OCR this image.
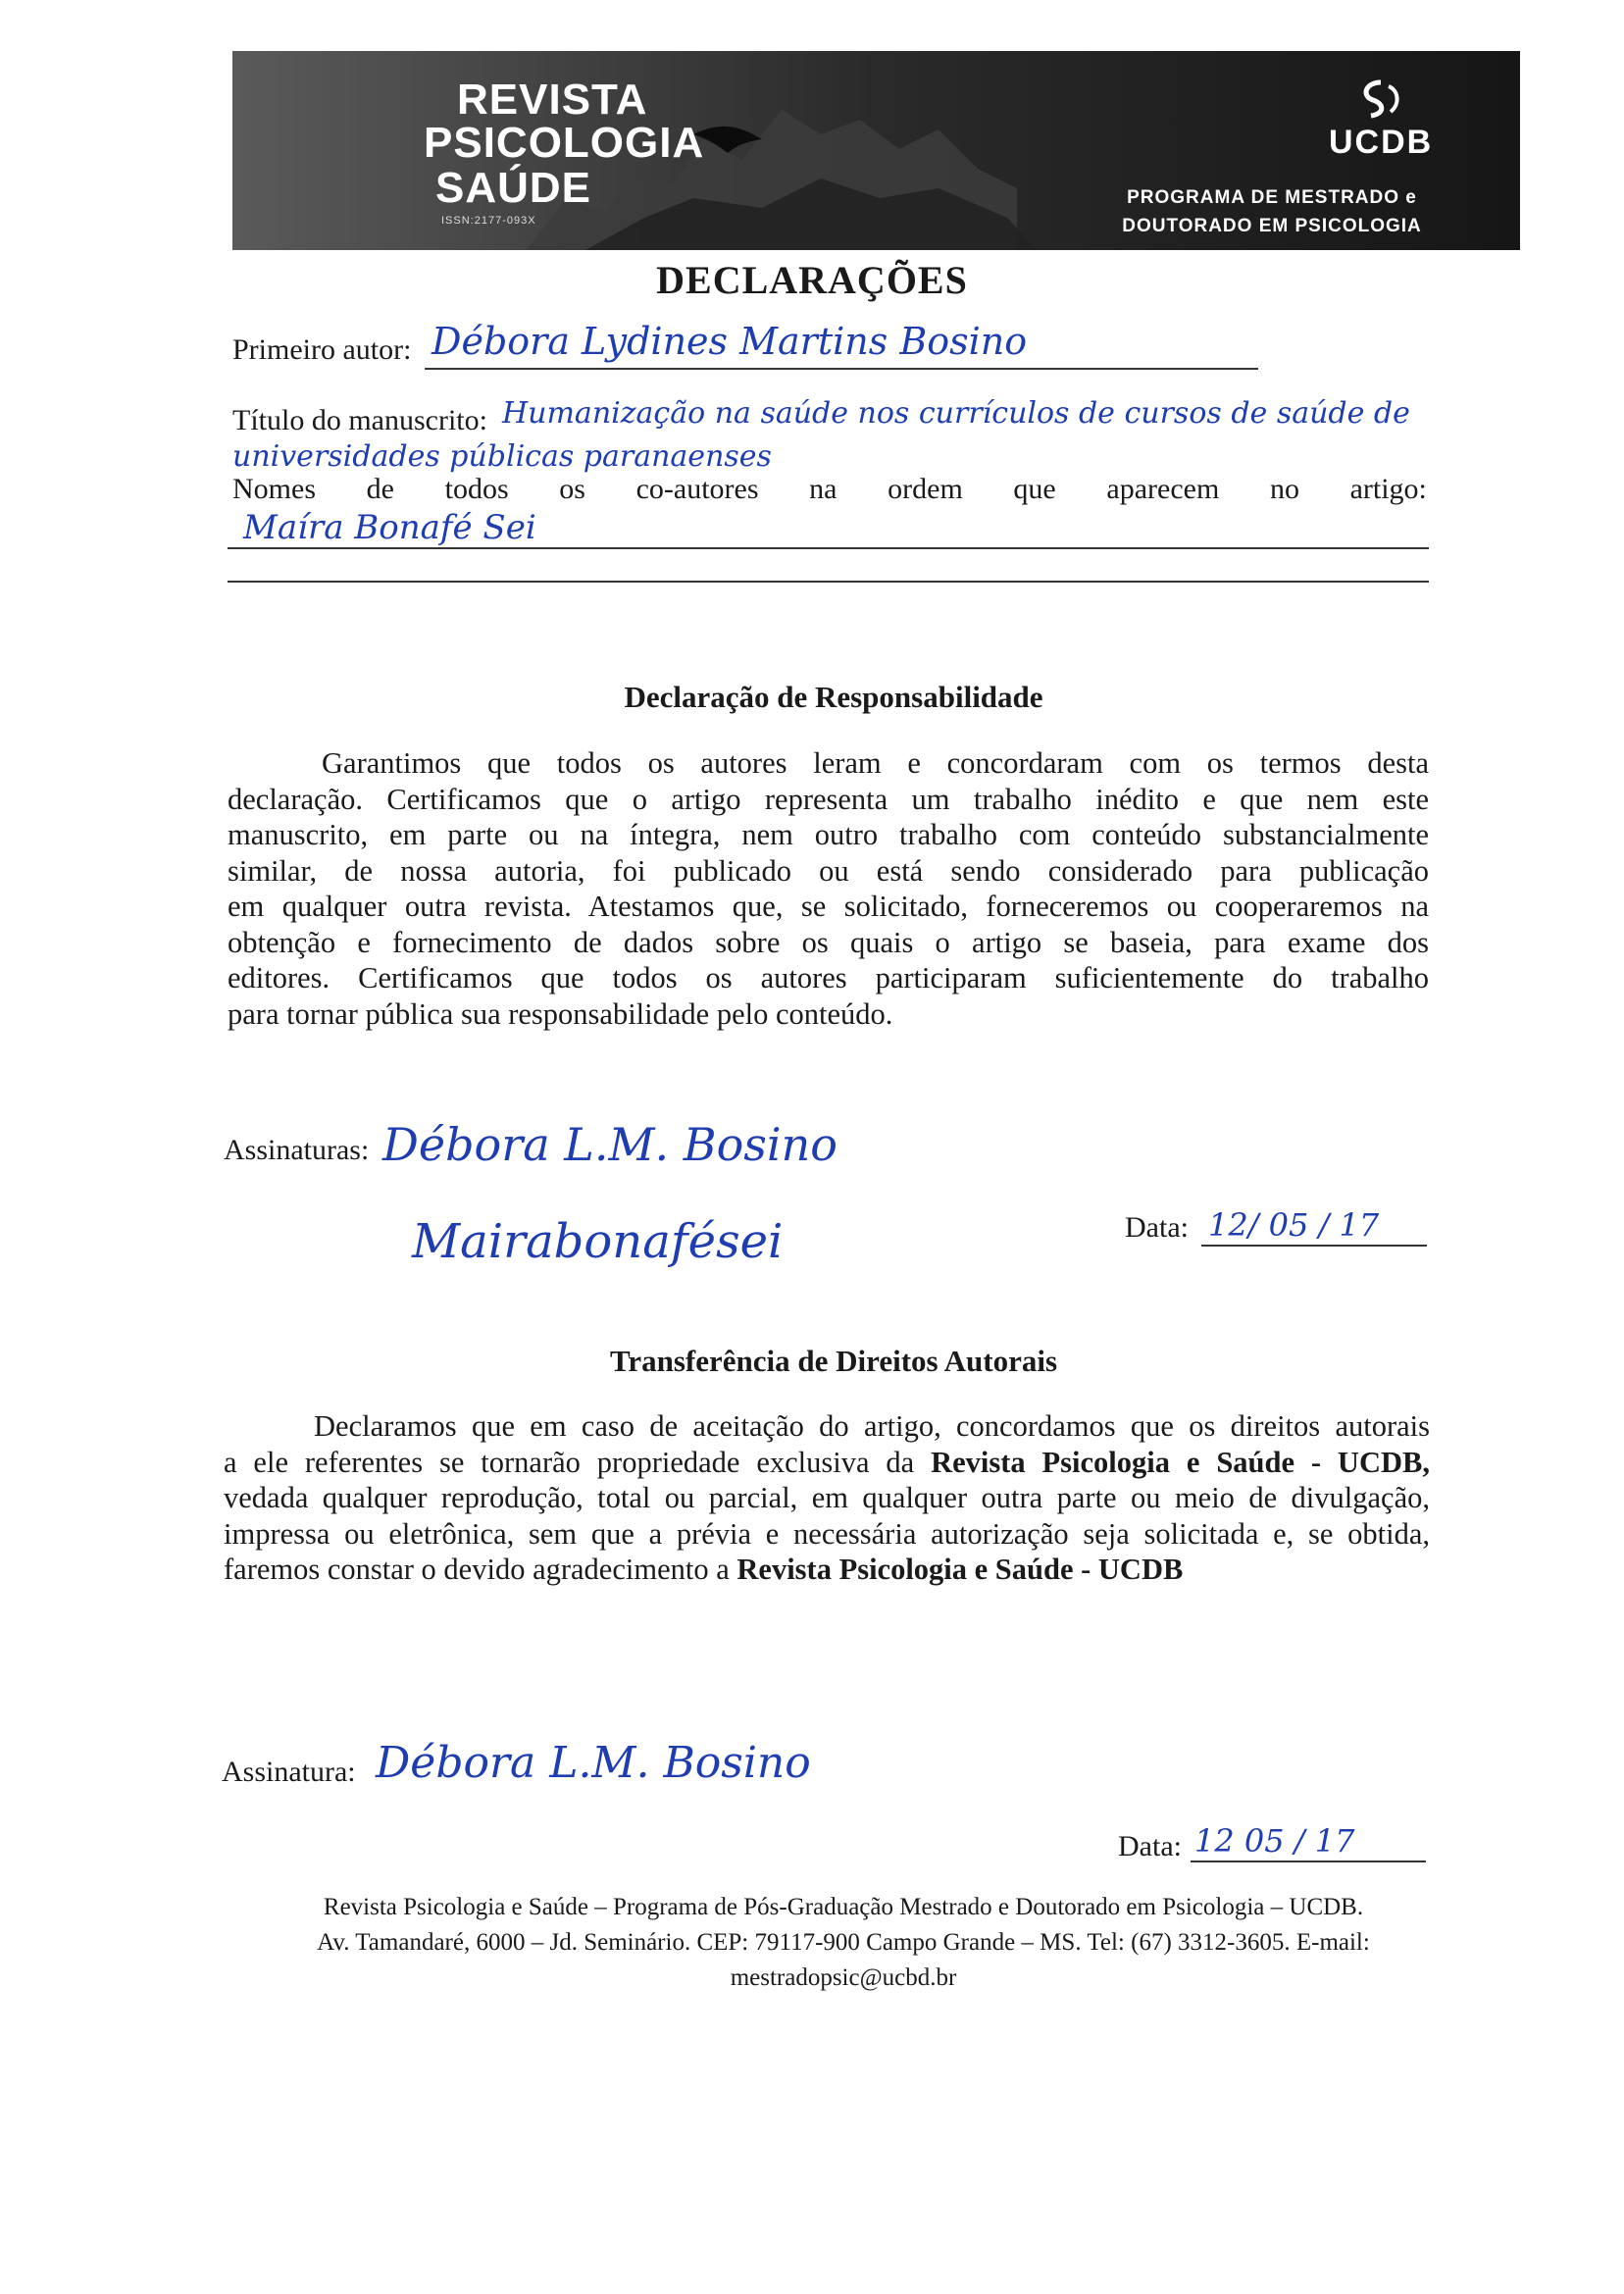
REVISTA
PSICOLOGIA
SAÚDE
ISSN:2177-093X
UCDB
PROGRAMA DE MESTRADO e
DOUTORADO EM PSICOLOGIA
DECLARAÇÕES
Primeiro autor: Débora Lydines Martins Bosino
Título do manuscrito: Humanização na saúde nos currículos de cursos de saúde de
universidades públicas paranaenses
Nomes de todos os co-autores na ordem que aparecem no artigo:
Maíra Bonafé Sei
Declaração de Responsabilidade
Garantimos que todos os autores leram e concordaram com os termos desta
declaração. Certificamos que o artigo representa um trabalho inédito e que nem este
manuscrito, em parte ou na íntegra, nem outro trabalho com conteúdo substancialmente
similar, de nossa autoria, foi publicado ou está sendo considerado para publicação
em qualquer outra revista. Atestamos que, se solicitado, forneceremos ou cooperaremos na
obtenção e fornecimento de dados sobre os quais o artigo se baseia, para exame dos
editores. Certificamos que todos os autores participaram suficientemente do trabalho
para tornar pública sua responsabilidade pelo conteúdo.
Assinaturas: Débora L.M. Bosino
Mairabonafései	Data: 12/ 05 / 17
Transferência de Direitos Autorais
Declaramos que em caso de aceitação do artigo, concordamos que os direitos autorais
a ele referentes se tornarão propriedade exclusiva da Revista Psicologia e Saúde - UCDB,
vedada qualquer reprodução, total ou parcial, em qualquer outra parte ou meio de divulgação,
impressa ou eletrônica, sem que a prévia e necessária autorização seja solicitada e, se obtida,
faremos constar o devido agradecimento a Revista Psicologia e Saúde - UCDB
Assinatura: Débora L.M. Bosino
Data: 12 05 / 17
Revista Psicologia e Saúde – Programa de Pós-Graduação Mestrado e Doutorado em Psicologia – UCDB.
Av. Tamandaré, 6000 – Jd. Seminário. CEP: 79117-900 Campo Grande – MS. Tel: (67) 3312-3605. E-mail:
mestradopsic@ucbd.br
